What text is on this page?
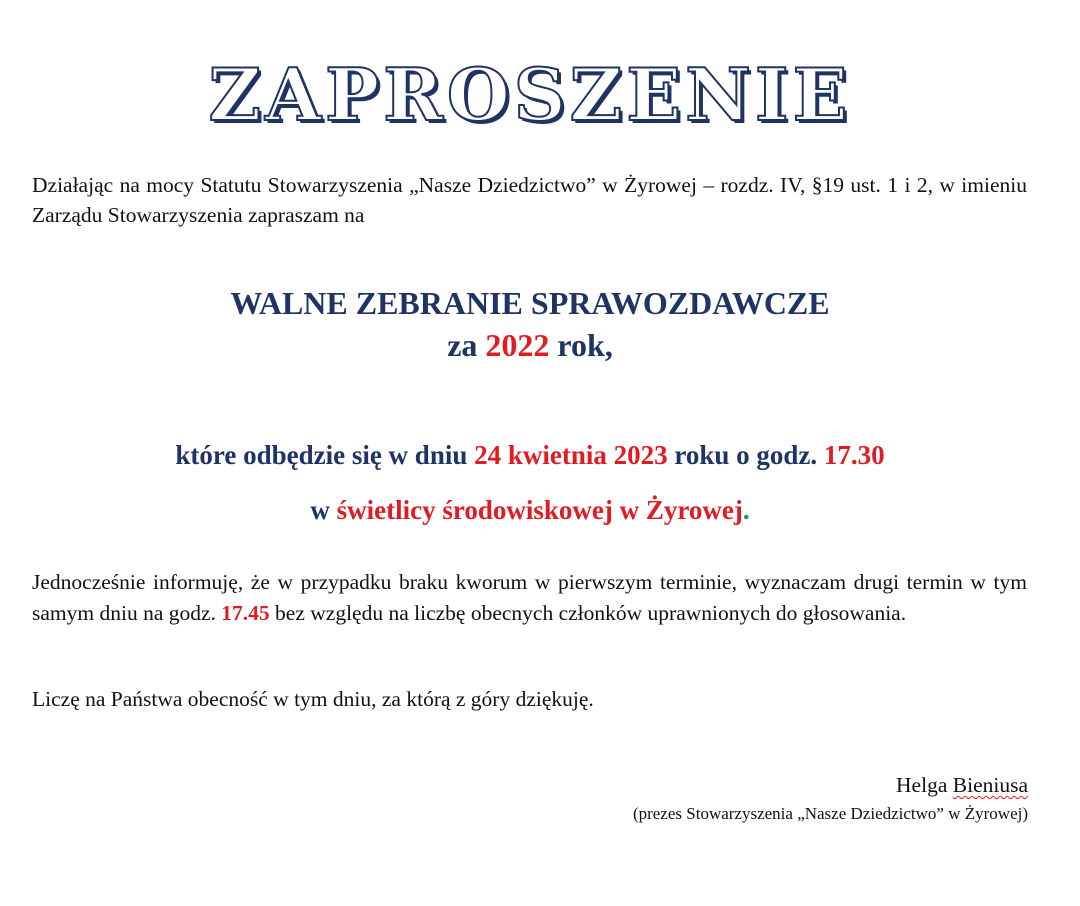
ZAPROSZENIE

Działając na mocy Statutu Stowarzyszenia „Nasze Dziedzictwo” w Żyrowej – rozdz. IV, §19 ust. 1 i 2, w imieniu Zarządu Stowarzyszenia zapraszam na

WALNE ZEBRANIE SPRAWOZDAWCZE
za 2022 rok,
które odbędzie się w dniu 24 kwietnia 2023 roku o godz. 17.30
w świetlicy środowiskowej w Żyrowej.

Jednocześnie informuję, że w przypadku braku kworum w pierwszym terminie, wyznaczam drugi termin w tym samym dniu na godz. 17.45 bez względu na liczbę obecnych członków uprawnionych do głosowania.

Liczę na Państwa obecność w tym dniu, za którą z góry dziękuję.

Helga Bieniusa
(prezes Stowarzyszenia „Nasze Dziedzictwo” w Żyrowej)
